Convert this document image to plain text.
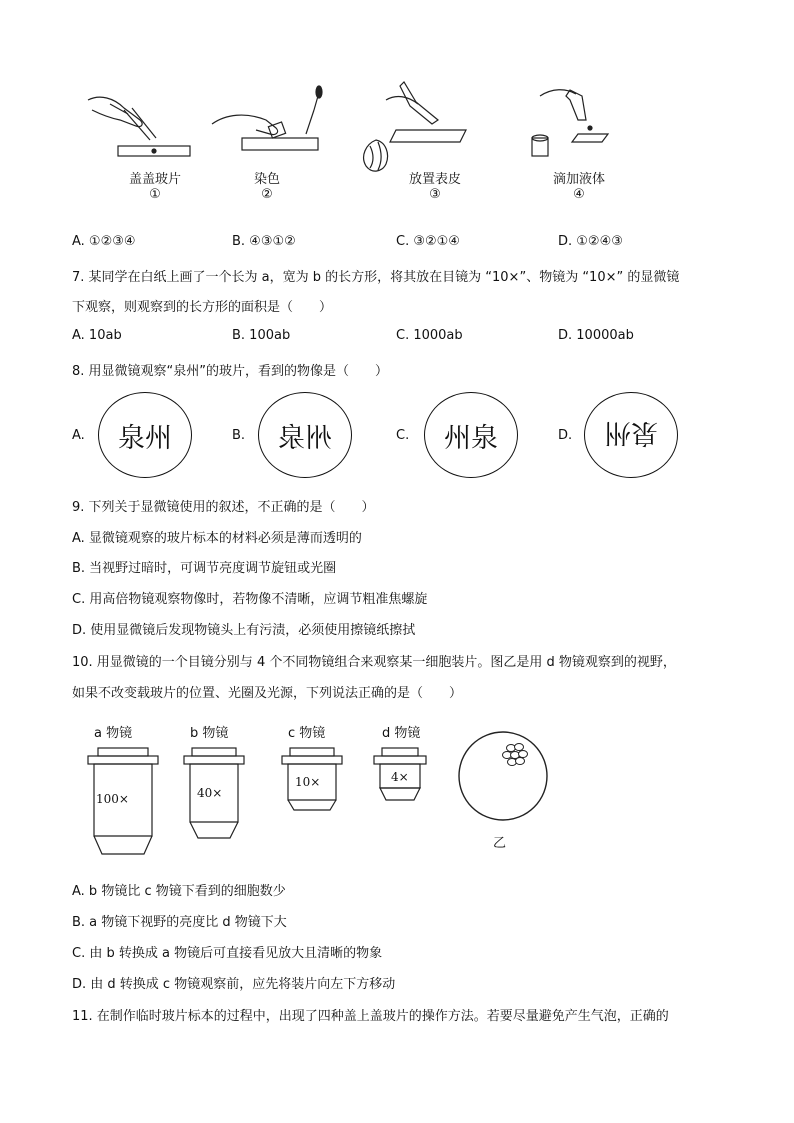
盖盖玻片
①
染色
②
放置表皮
③
滴加液体
④
A. ①②③④	B. ④③①②	C. ③②①④	D. ①②④③
7. 某同学在白纸上画了一个长为 a，宽为 b 的长方形，将其放在目镜为 “10×”、物镜为 “10×” 的显微镜
下观察，则观察到的长方形的面积是（　　）
A. 10ab	B. 100ab	C. 1000ab	D. 10000ab
8. 用显微镜观察“泉州”的玻片，看到的物像是（　　）
A. 泉州	B. 州泉	C. 州泉	D. 泉州
9. 下列关于显微镜使用的叙述，不正确的是（　　）
A. 显微镜观察的玻片标本的材料必须是薄而透明的
B. 当视野过暗时，可调节亮度调节旋钮或光圈
C. 用高倍物镜观察物像时，若物像不清晰，应调节粗准焦螺旋
D. 使用显微镜后发现物镜头上有污渍，必须使用擦镜纸擦拭
10. 用显微镜的一个目镜分别与 4 个不同物镜组合来观察某一细胞装片。图乙是用 d 物镜观察到的视野，
如果不改变载玻片的位置、光圈及光源，下列说法正确的是（　　）
a 物镜	b 物镜	c 物镜	d 物镜
100×	40×
10×	4×
乙
A. b 物镜比 c 物镜下看到的细胞数少
B. a 物镜下视野的亮度比 d 物镜下大
C. 由 b 转换成 a 物镜后可直接看见放大且清晰的物象
D. 由 d 转换成 c 物镜观察前，应先将装片向左下方移动
11. 在制作临时玻片标本的过程中，出现了四种盖上盖玻片的操作方法。若要尽量避免产生气泡，正确的
